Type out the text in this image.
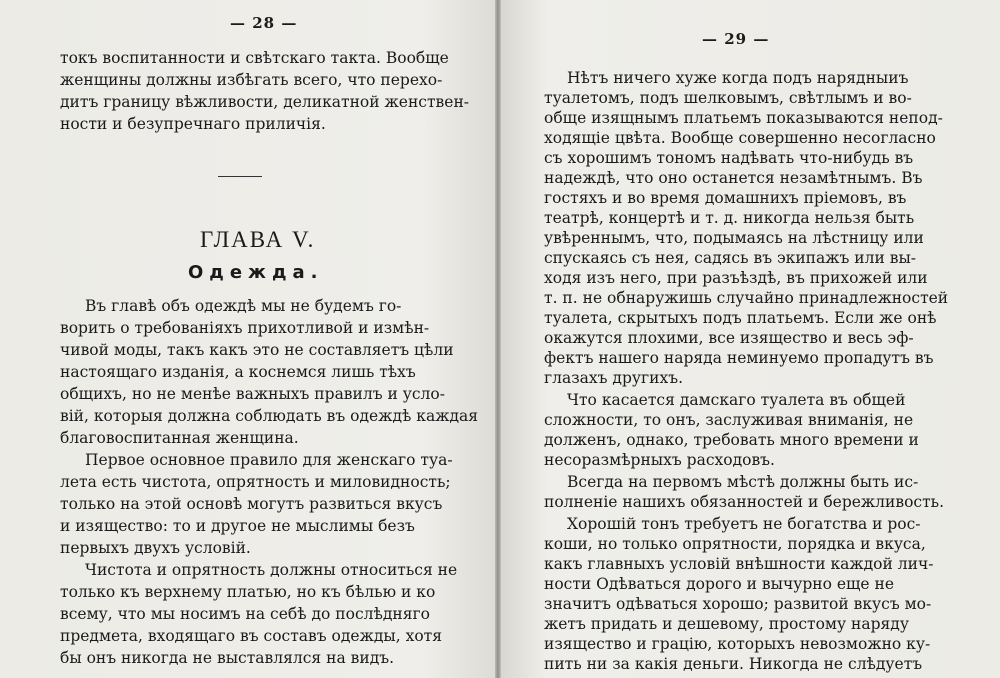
— 28 —
токъ воспитанности и свѣтскаго такта. Вообще
женщины должны избѣгать всего, что перехо-
дитъ границу вѣжливости, деликатной женствен-
ности и безупречнаго приличія.
ГЛАВА V.
Одежда.
Въ главѣ объ одеждѣ мы не будемъ го-
ворить о требованіяхъ прихотливой и измѣн-
чивой моды, такъ какъ это не составляетъ цѣли
настоящаго изданія, а коснемся лишь тѣхъ
общихъ, но не менѣе важныхъ правилъ и усло-
вій, которыя должна соблюдать въ одеждѣ каждая
благовоспитанная женщина.
Первое основное правило для женскаго туа-
лета есть чистота, опрятность и миловидность;
только на этой основѣ могутъ развиться вкусъ
и изящество: то и другое не мыслимы безъ
первыхъ двухъ условій.
Чистота и опрятность должны относиться не
только къ верхнему платью, но къ бѣлью и ко
всему, что мы носимъ на себѣ до послѣдняго
предмета, входящаго въ составъ одежды, хотя
бы онъ никогда не выставлялся на видъ.
— 29 —
Нѣтъ ничего хуже когда подъ нарядныиъ
туалетомъ, подъ шелковымъ, свѣтлымъ и во-
обще изящнымъ платьемъ показываются непод-
ходящіе цвѣта. Вообще совершенно несогласно
съ хорошимъ тономъ надѣвать что-нибудь въ
надеждѣ, что оно останется незамѣтнымъ. Въ
гостяхъ и во время домашнихъ пріемовъ, въ
театрѣ, концертѣ и т. д. никогда нельзя быть
увѣреннымъ, что, подымаясь на лѣстницу или
спускаясь съ нея, садясь въ экипажъ или вы-
ходя изъ него, при разъѣздѣ, въ прихожей или
т. п. не обнаружишь случайно принадлежностей
туалета, скрытыхъ подъ платьемъ. Если же онѣ
окажутся плохими, все изящество и весь эф-
фектъ нашего наряда неминуемо пропадутъ въ
глазахъ другихъ.
Что касается дамскаго туалета въ общей
сложности, то онъ, заслуживая вниманія, не
долженъ, однако, требовать много времени и
несоразмѣрныхъ расходовъ.
Всегда на первомъ мѣстѣ должны быть ис-
полненіе нашихъ обязанностей и бережливость.
Хорошій тонъ требуетъ не богатства и рос-
коши, но только опрятности, порядка и вкуса,
какъ главныхъ условій внѣшности каждой лич-
ности Одѣваться дорого и вычурно еще не
значитъ одѣваться хорошо; развитой вкусъ мо-
жетъ придать и дешевому, простому наряду
изящество и грацію, которыхъ невозможно ку-
пить ни за какія деньги. Никогда не слѣдуетъ
